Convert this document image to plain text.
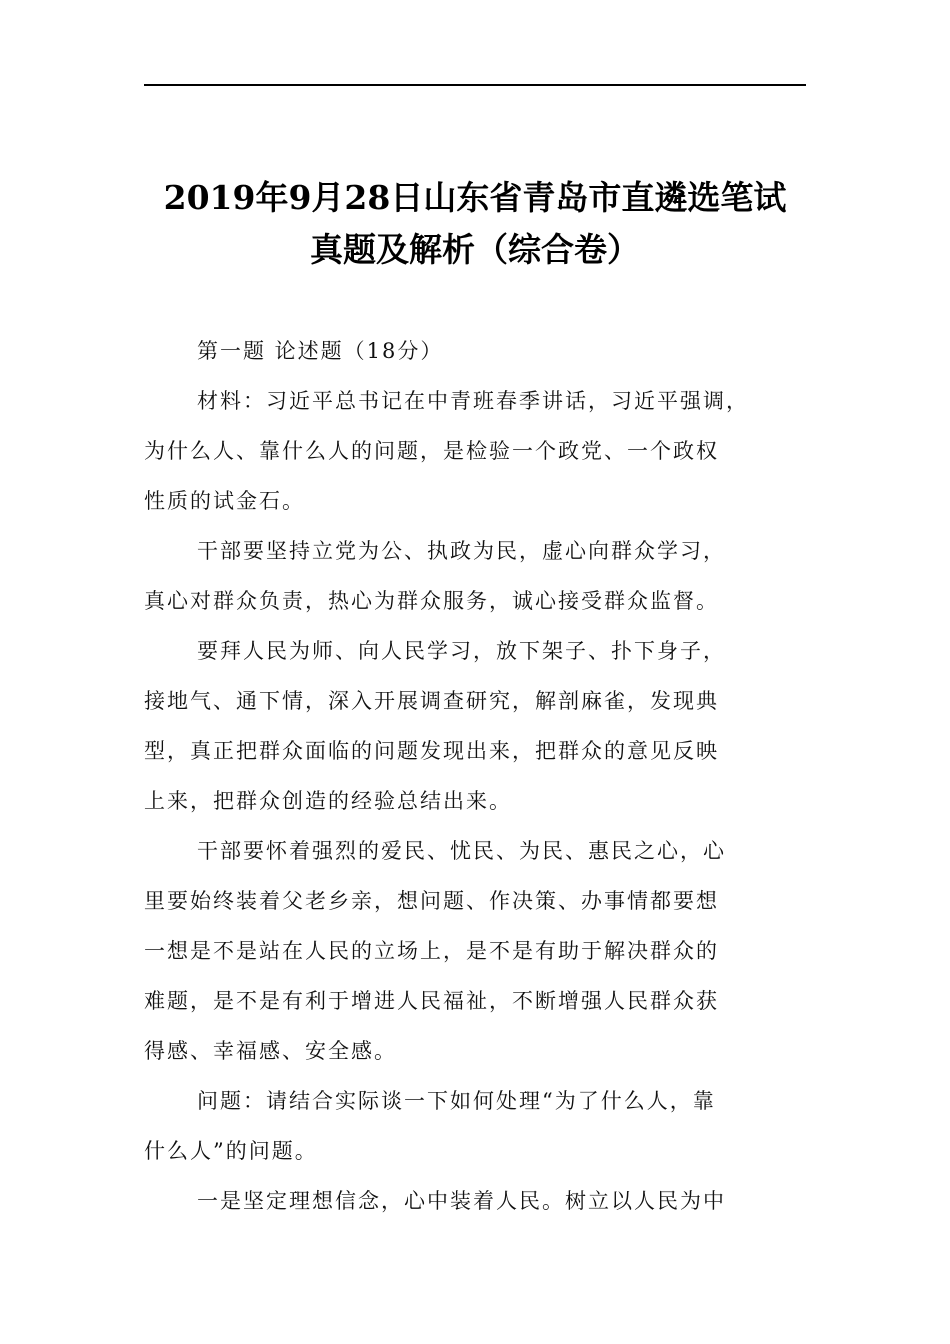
2019年9月28日山东省青岛市直遴选笔试
真题及解析（综合卷）

第一题 论述题（18分）

材料：习近平总书记在中青班春季讲话，习近平强调，
为什么人、靠什么人的问题，是检验一个政党、一个政权
性质的试金石。

干部要坚持立党为公、执政为民，虚心向群众学习，
真心对群众负责，热心为群众服务，诚心接受群众监督。

要拜人民为师、向人民学习，放下架子、扑下身子，
接地气、通下情，深入开展调查研究，解剖麻雀，发现典
型，真正把群众面临的问题发现出来，把群众的意见反映
上来，把群众创造的经验总结出来。

干部要怀着强烈的爱民、忧民、为民、惠民之心，心
里要始终装着父老乡亲，想问题、作决策、办事情都要想
一想是不是站在人民的立场上，是不是有助于解决群众的
难题，是不是有利于增进人民福祉，不断增强人民群众获
得感、幸福感、安全感。

问题：请结合实际谈一下如何处理“为了什么人，靠
什么人”的问题。

一是坚定理想信念，心中装着人民。树立以人民为中
